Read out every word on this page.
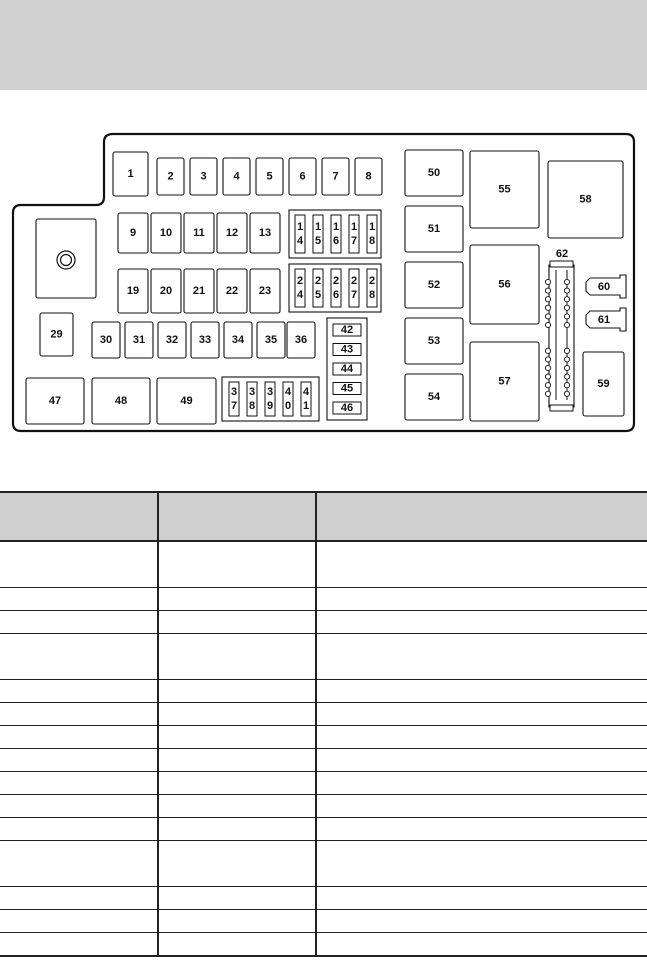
1	2 3 4 5 6 7 8
9 10 11 12 13
19 20 21 22 23
1
4
1
5
1
6
1
7
1
8
2
4
2
5
2
6
2
7
2
8
3
7
3
8
3
9
4
0
4
1
29	30 31 32 33 34 35 36
47	48	49
42
43
44
45
46
50
51
52
53
54
55
56
57
58
59
62
60
61
